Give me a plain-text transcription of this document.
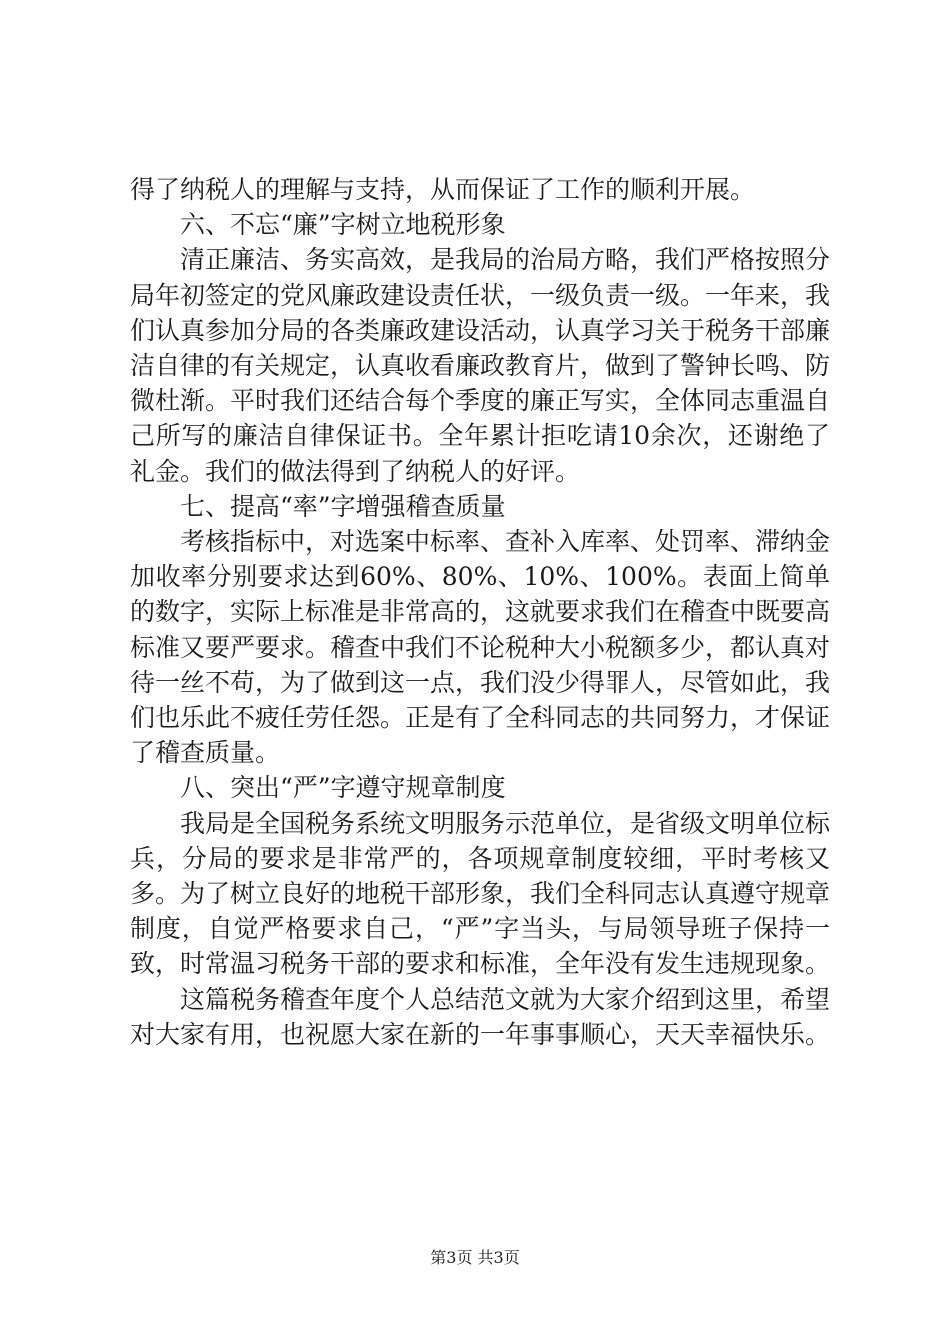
得了纳税人的理解与支持，从而保证了工作的顺利开展。

六、不忘“廉”字树立地税形象

清正廉洁、务实高效，是我局的治局方略，我们严格按照分局年初签定的党风廉政建设责任状，一级负责一级。一年来，我们认真参加分局的各类廉政建设活动，认真学习关于税务干部廉洁自律的有关规定，认真收看廉政教育片，做到了警钟长鸣、防微杜渐。平时我们还结合每个季度的廉正写实，全体同志重温自己所写的廉洁自律保证书。全年累计拒吃请10余次，还谢绝了礼金。我们的做法得到了纳税人的好评。

七、提高“率”字增强稽查质量

考核指标中，对选案中标率、查补入库率、处罚率、滞纳金加收率分别要求达到60%、80%、10%、100%。表面上简单的数字，实际上标准是非常高的，这就要求我们在稽查中既要高标准又要严要求。稽查中我们不论税种大小税额多少，都认真对待一丝不苟，为了做到这一点，我们没少得罪人，尽管如此，我们也乐此不疲任劳任怨。正是有了全科同志的共同努力，才保证了稽查质量。

八、突出“严”字遵守规章制度

我局是全国税务系统文明服务示范单位，是省级文明单位标兵，分局的要求是非常严的，各项规章制度较细，平时考核又多。为了树立良好的地税干部形象，我们全科同志认真遵守规章制度，自觉严格要求自己，“严”字当头，与局领导班子保持一致，时常温习税务干部的要求和标准，全年没有发生违规现象。

这篇税务稽查年度个人总结范文就为大家介绍到这里，希望对大家有用，也祝愿大家在新的一年事事顺心，天天幸福快乐。

第3页 共3页
